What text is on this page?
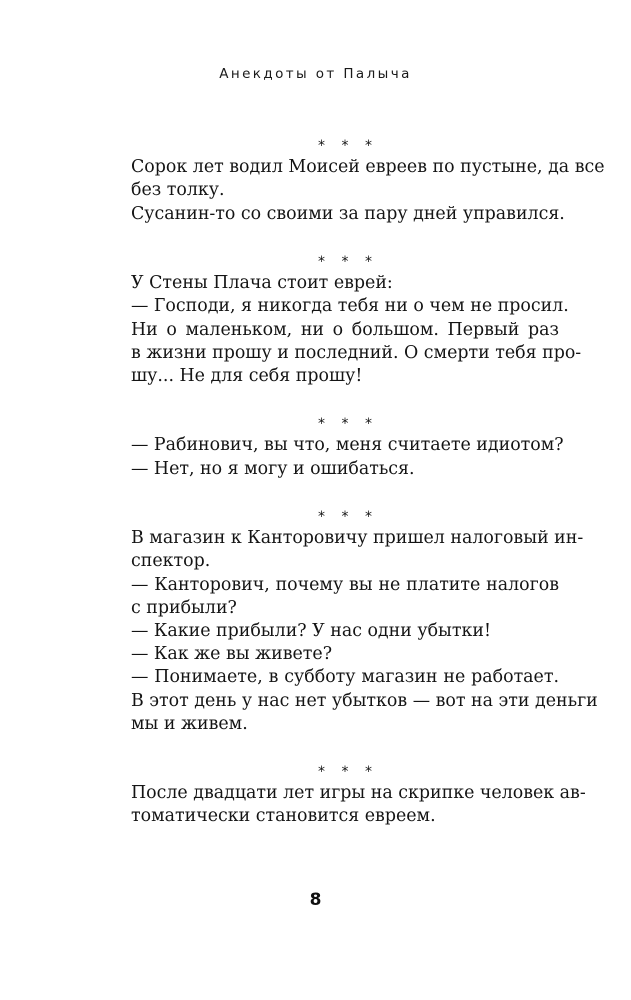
Анекдоты от Палыча
* * *
Сорок лет водил Моисей евреев по пустыне, да все
без толку.
Сусанин-то со своими за пару дней управился.
* * *
У Стены Плача стоит еврей:
— Господи, я никогда тебя ни о чем не просил.
Ни о маленьком, ни о большом. Первый раз
в жизни прошу и последний. О смерти тебя про-
шу... Не для себя прошу!
* * *
— Рабинович, вы что, меня считаете идиотом?
— Нет, но я могу и ошибаться.
* * *
В магазин к Канторовичу пришел налоговый ин-
спектор.
— Канторович, почему вы не платите налогов
с прибыли?
— Какие прибыли? У нас одни убытки!
— Как же вы живете?
— Понимаете, в субботу магазин не работает.
В этот день у нас нет убытков — вот на эти деньги
мы и живем.
* * *
После двадцати лет игры на скрипке человек ав-
томатически становится евреем.
8
